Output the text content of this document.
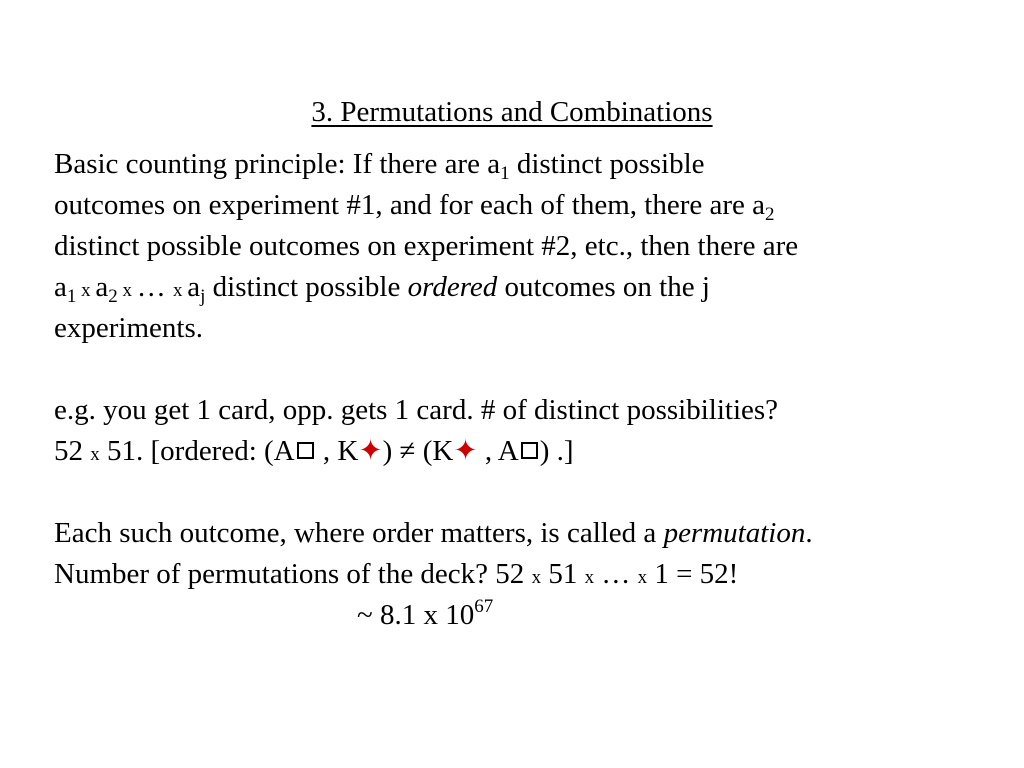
3. Permutations and Combinations
Basic counting principle: If there are $a_1$ distinct possible
outcomes on experiment #1, and for each of them, there are $a_2$
distinct possible outcomes on experiment #2, etc., then there are
$a_1$ x $a_2$ x … x $a_j$ distinct possible ordered outcomes on the j
experiments.
e.g. you get 1 card, opp. gets 1 card. # of distinct possibilities?
52 x 51. [ordered: (A , K✦) ≠ (K✦ , A ) .]
Each such outcome, where order matters, is called a permutation.
Number of permutations of the deck? 52 x 51 x … x 1 = 52!
~ 8.1 x $10^{67}$
